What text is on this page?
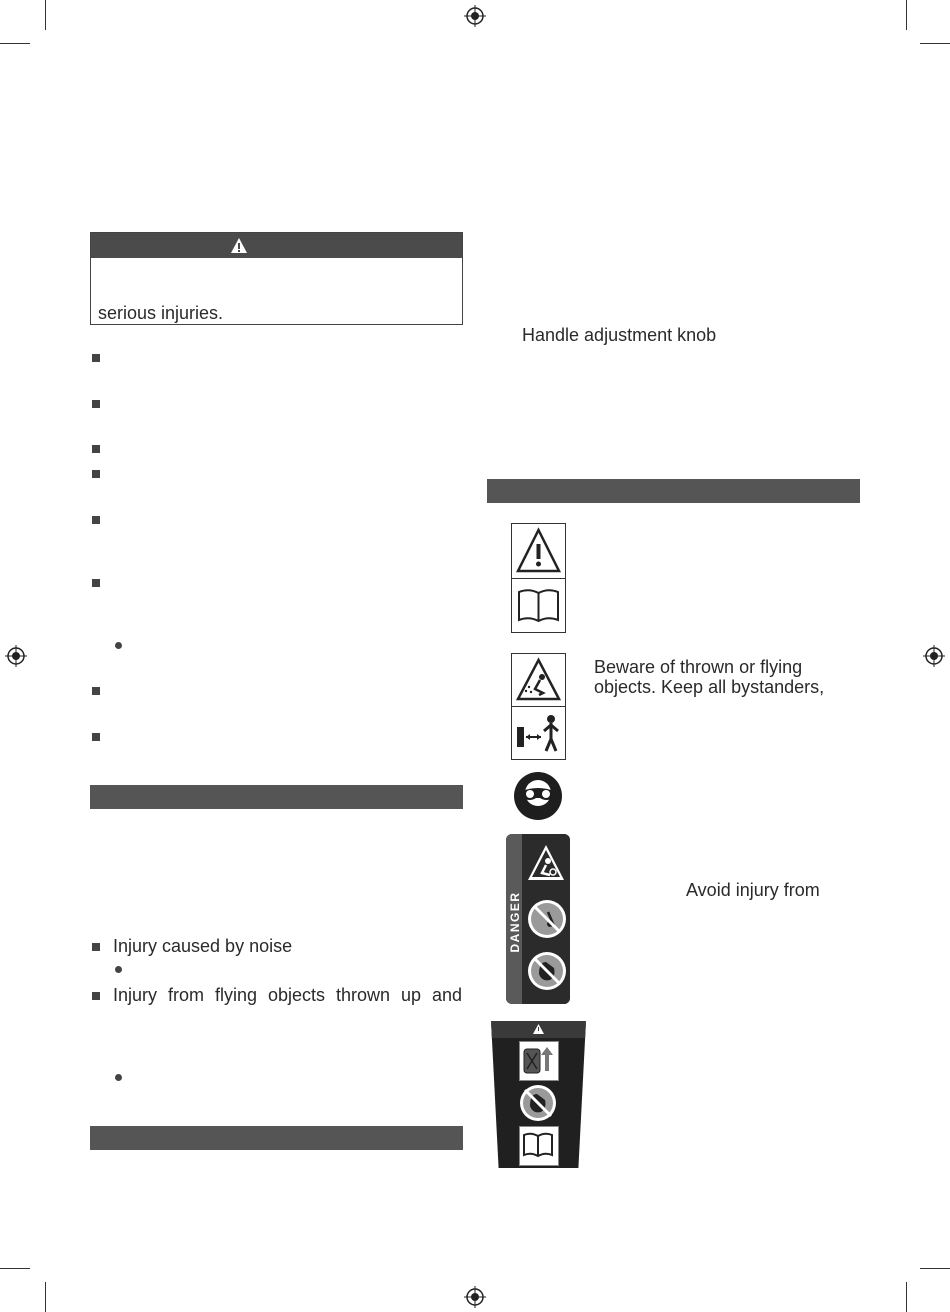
serious injuries.
Injury caused by noise
Injury from flying objects thrown up and
Handle adjustment knob
Beware of thrown or flying
objects. Keep all bystanders,
DANGER
Avoid injury from
